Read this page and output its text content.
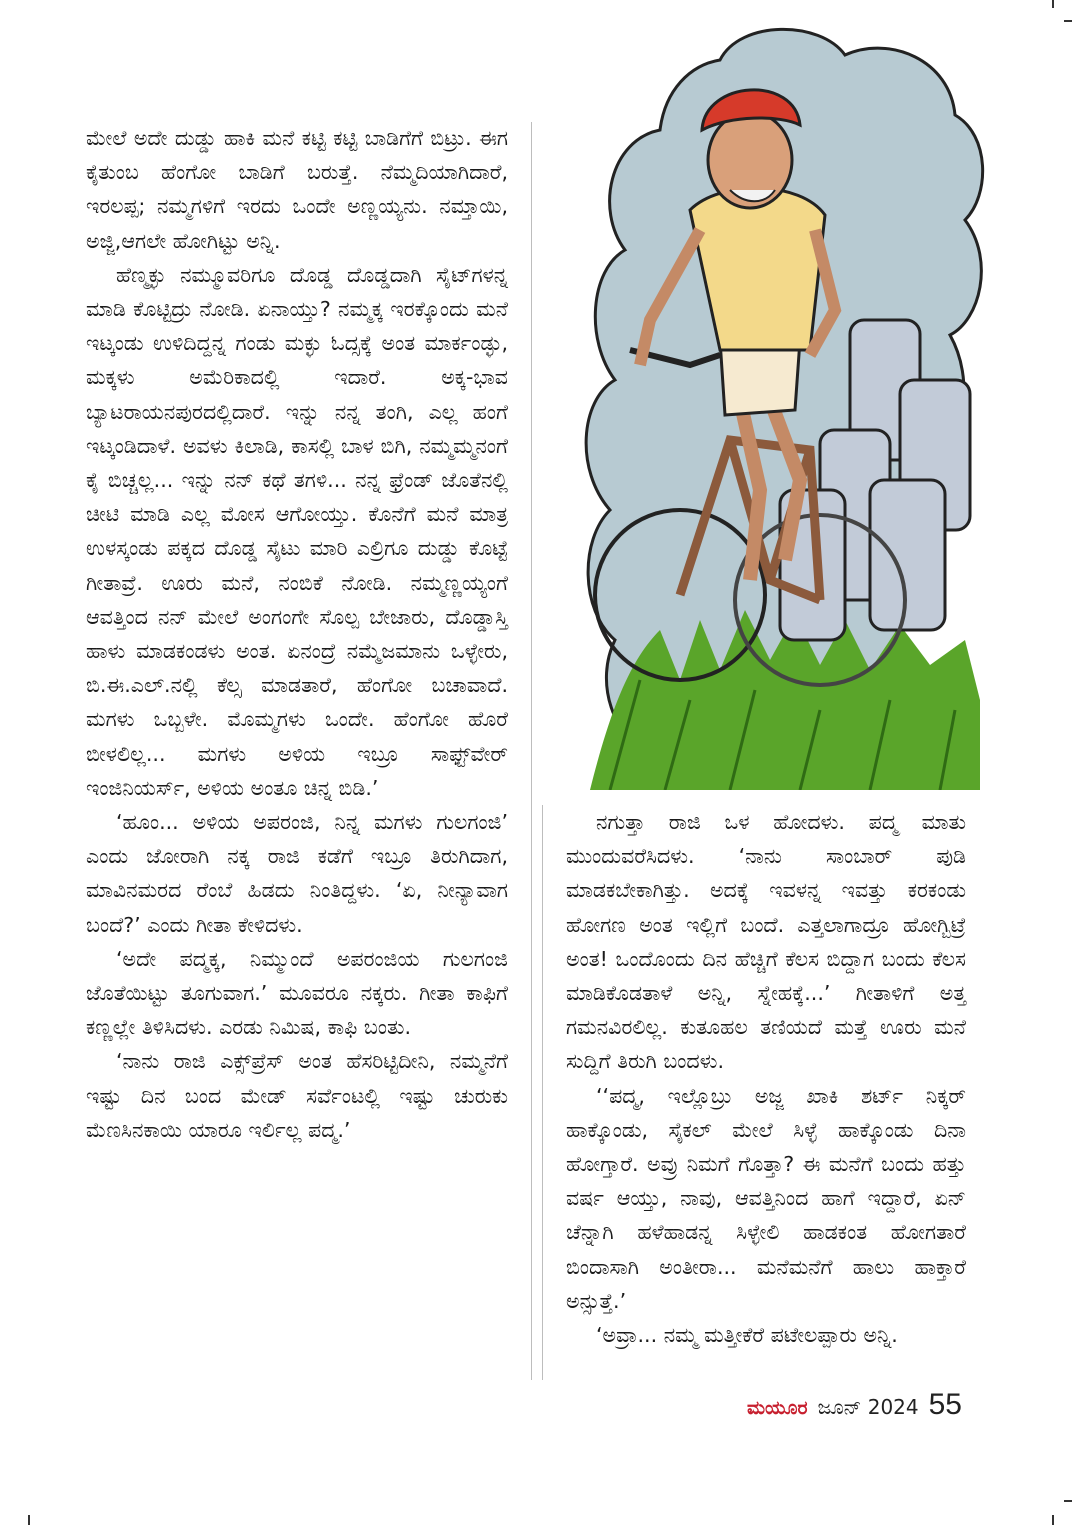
ಮೇಲೆ ಅದೇ ದುಡ್ಡು ಹಾಕಿ ಮನೆ ಕಟ್ಟಿ ಕಟ್ಟಿ ಬಾಡಿಗೆಗೆ ಬಿಟ್ರು. ಈಗ ಕೈತುಂಬ ಹೆಂಗೋ ಬಾಡಿಗೆ ಬರುತ್ತೆ. ನೆಮ್ಮದಿಯಾಗಿದಾರೆ, ಇರಲಪ್ಪ; ನಮ್ಮಗಳಿಗೆ ಇರದು ಒಂದೇ ಅಣ್ಣಯ್ಯನು. ನಮ್ತಾಯಿ, ಅಜ್ಜಿ,ಆಗಲೇ ಹೋಗಿಟ್ಟು ಅನ್ನಿ.

ಹೆಣ್ಮಕ್ಳು ನಮ್ಮೂವರಿಗೂ ದೊಡ್ಡ ದೊಡ್ಡದಾಗಿ ಸೈಟ್‌ಗಳನ್ನ ಮಾಡಿ ಕೊಟ್ಟಿದ್ರು ನೋಡಿ. ಏನಾಯ್ತು? ನಮ್ಮಕ್ಕ ಇರಕ್ಕೊಂದು ಮನೆ ಇಟ್ಕಂಡು ಉಳಿದಿದ್ದನ್ನ ಗಂಡು ಮಕ್ಳು ಓದ್ಸಕ್ಕೆ ಅಂತ ಮಾರ್ಕಂಡ್ಳು, ಮಕ್ಕಳು ಅಮೆರಿಕಾದಲ್ಲಿ ಇದಾರೆ. ಅಕ್ಕ-ಭಾವ ಬ್ಯಾಟರಾಯನಪುರದಲ್ಲಿದಾರೆ. ಇನ್ನು ನನ್ನ ತಂಗಿ, ಎಲ್ಲ ಹಂಗೆ ಇಟ್ಕಂಡಿದಾಳೆ. ಅವಳು ಕಿಲಾಡಿ, ಕಾಸಲ್ಲಿ ಬಾಳ ಬಿಗಿ, ನಮ್ಮಮ್ಮನಂಗೆ ಕೈ ಬಿಚ್ಚಲ್ಲ... ಇನ್ನು ನನ್ ಕಥೆ ತಗಳಿ... ನನ್ನ ಫ್ರೆಂಡ್ ಜೊತೆನಲ್ಲಿ ಚೀಟಿ ಮಾಡಿ ಎಲ್ಲ ಮೋಸ ಆಗೋಯ್ತು. ಕೊನೆಗೆ ಮನೆ ಮಾತ್ರ ಉಳಸ್ಕಂಡು ಪಕ್ಕದ ದೊಡ್ಡ ಸೈಟು ಮಾರಿ ಎಲ್ರಿಗೂ ದುಡ್ಡು ಕೊಟ್ಟೆ ಗೀತಾವ್ರೆ. ಊರು ಮನೆ, ನಂಬಿಕೆ ನೋಡಿ. ನಮ್ಮಣ್ಣಯ್ಯಂಗೆ ಆವತ್ತಿಂದ ನನ್ ಮೇಲೆ ಅಂಗಂಗೇ ಸೊಲ್ಪ ಬೇಜಾರು, ದೊಡ್ಡಾಸ್ತಿ ಹಾಳು ಮಾಡಕಂಡಳು ಅಂತ. ಏನಂದ್ರೆ ನಮ್ಮೆಜಮಾನು ಒಳ್ಳೇರು, ಬಿ.ಈ.ಎಲ್.ನಲ್ಲಿ ಕೆಲ್ಸ ಮಾಡತಾರೆ, ಹೆಂಗೋ ಬಚಾವಾದೆ. ಮಗಳು ಒಬ್ಬಳೇ. ಮೊಮ್ಮಗಳು ಒಂದೇ. ಹೆಂಗೋ ಹೊರೆ ಬೀಳಲಿಲ್ಲ... ಮಗಳು ಅಳಿಯ ಇಬ್ರೂ ಸಾಫ್ಟ್‌ವೇರ್ ಇಂಜಿನಿಯರ್ಸ್, ಅಳಿಯ ಅಂತೂ ಚಿನ್ನ ಬಿಡಿ.’

‘ಹೂಂ... ಅಳಿಯ ಅಪರಂಜಿ, ನಿನ್ನ ಮಗಳು ಗುಲಗಂಜಿ’ ಎಂದು ಜೋರಾಗಿ ನಕ್ಕ ರಾಜಿ ಕಡೆಗೆ ಇಬ್ರೂ ತಿರುಗಿದಾಗ, ಮಾವಿನಮರದ ರೆಂಬೆ ಹಿಡದು ನಿಂತಿದ್ದಳು. ‘ಏ, ನೀನ್ಯಾವಾಗ ಬಂದೆ?’ ಎಂದು ಗೀತಾ ಕೇಳಿದಳು.

‘ಅದೇ ಪದ್ಮಕ್ಕ, ನಿಮ್ಮುಂದೆ ಅಪರಂಜಿಯ ಗುಲಗಂಜಿ ಜೊತೆಯಿಟ್ಟು ತೂಗುವಾಗ.’ ಮೂವರೂ ನಕ್ಕರು. ಗೀತಾ ಕಾಫಿಗೆ ಕಣ್ಣಲ್ಲೇ ತಿಳಿಸಿದಳು. ಎರಡು ನಿಮಿಷ, ಕಾಫಿ ಬಂತು.

‘ನಾನು ರಾಜಿ ಎಕ್ಸ್‌ಪ್ರೆಸ್ ಅಂತ ಹೆಸರಿಟ್ಟಿದೀನಿ, ನಮ್ಮನೆಗೆ ಇಷ್ಟು ದಿನ ಬಂದ ಮೇಡ್ ಸರ್ವೆಂಟಲ್ಲಿ ಇಷ್ಟು ಚುರುಕು ಮೆಣಸಿನಕಾಯಿ ಯಾರೂ ಇರ್ಲಿಲ್ಲ ಪದ್ಮ.’

ನಗುತ್ತಾ ರಾಜಿ ಒಳ ಹೋದಳು. ಪದ್ಮ ಮಾತು ಮುಂದುವರೆಸಿದಳು. ‘ನಾನು ಸಾಂಬಾರ್ ಪುಡಿ ಮಾಡಕಬೇಕಾಗಿತ್ತು. ಅದಕ್ಕೆ ಇವಳನ್ನ ಇವತ್ತು ಕರಕಂಡು ಹೋಗಣ ಅಂತ ಇಲ್ಲಿಗೆ ಬಂದೆ. ಎತ್ತಲಾಗಾದ್ರೂ ಹೋಗ್ಬಿಟ್ರೆ ಅಂತ! ಒಂದೊಂದು ದಿನ ಹೆಚ್ಚಿಗೆ ಕೆಲಸ ಬಿದ್ದಾಗ ಬಂದು ಕೆಲಸ ಮಾಡಿಕೊಡತಾಳೆ ಅನ್ನಿ, ಸ್ನೇಹಕ್ಕೆ...’ ಗೀತಾಳಿಗೆ ಅತ್ತ ಗಮನವಿರಲಿಲ್ಲ. ಕುತೂಹಲ ತಣಿಯದೆ ಮತ್ತೆ ಊರು ಮನೆ ಸುದ್ದಿಗೆ ತಿರುಗಿ ಬಂದಳು.

‘‘ಪದ್ಮ, ಇಲ್ಲೊಬ್ರು ಅಜ್ಜ ಖಾಕಿ ಶರ್ಟ್ ನಿಕ್ಕರ್ ಹಾಕ್ಕೊಂಡು, ಸೈಕಲ್ ಮೇಲೆ ಸಿಳ್ಳೆ ಹಾಕ್ಕೊಂಡು ದಿನಾ ಹೋಗ್ತಾರೆ. ಅವ್ರು ನಿಮಗೆ ಗೊತ್ತಾ? ಈ ಮನೆಗೆ ಬಂದು ಹತ್ತು ವರ್ಷ ಆಯ್ತು, ನಾವು, ಆವತ್ತಿನಿಂದ ಹಾಗೆ ಇದ್ದಾರೆ, ಏನ್ ಚೆನ್ನಾಗಿ ಹಳೆಹಾಡನ್ನ ಸಿಳ್ಳೇಲಿ ಹಾಡಕಂತ ಹೋಗತಾರೆ ಬಿಂದಾಸಾಗಿ ಅಂತೀರಾ... ಮನೆಮನೆಗೆ ಹಾಲು ಹಾಕ್ತಾರೆ ಅನ್ಸುತ್ತೆ.’

‘ಅವ್ರಾ... ನಮ್ಮ ಮತ್ತೀಕೆರೆ ಪಟೇಲಪ್ಪಾರು ಅನ್ನಿ.

ಮಯೂರ ಜೂನ್ 2024 55
